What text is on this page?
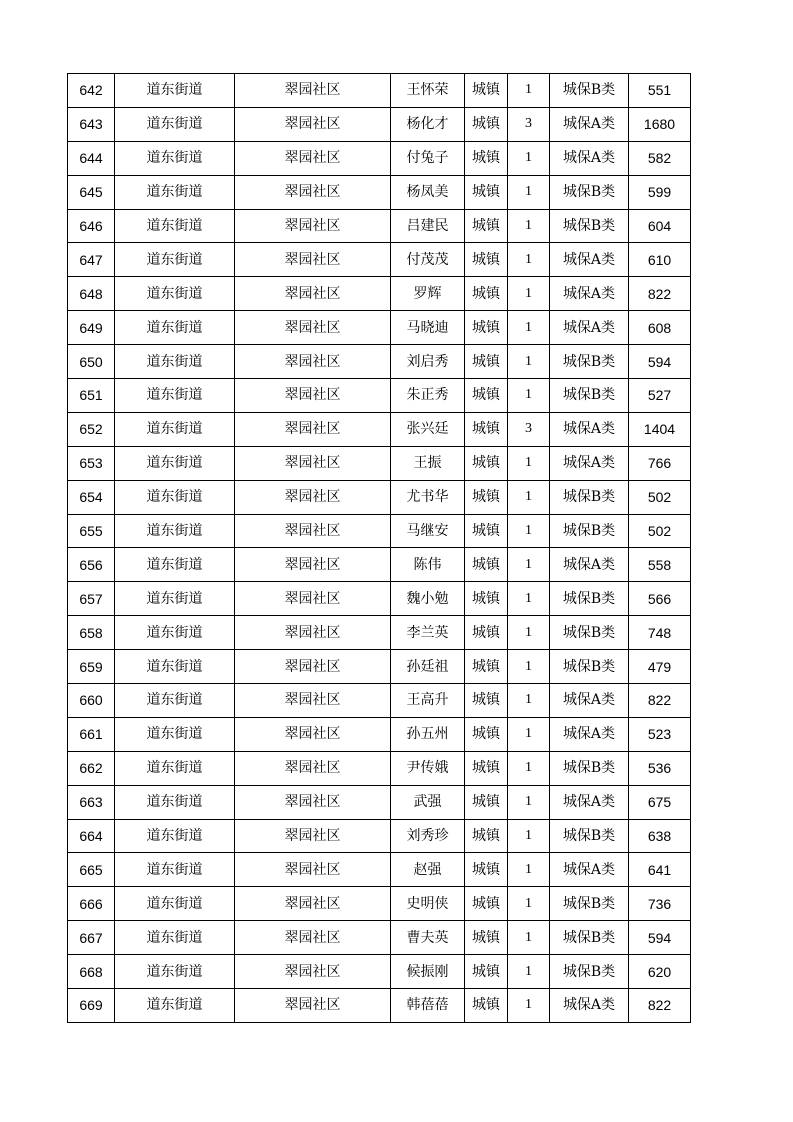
642	道东街道	翠园社区	王怀荣	城镇	1	城保B类	551
643	道东街道	翠园社区	杨化才	城镇	3	城保A类	1680
644	道东街道	翠园社区	付兔子	城镇	1	城保A类	582
645	道东街道	翠园社区	杨凤美	城镇	1	城保B类	599
646	道东街道	翠园社区	吕建民	城镇	1	城保B类	604
647	道东街道	翠园社区	付茂茂	城镇	1	城保A类	610
648	道东街道	翠园社区	罗辉	城镇	1	城保A类	822
649	道东街道	翠园社区	马晓迪	城镇	1	城保A类	608
650	道东街道	翠园社区	刘启秀	城镇	1	城保B类	594
651	道东街道	翠园社区	朱正秀	城镇	1	城保B类	527
652	道东街道	翠园社区	张兴廷	城镇	3	城保A类	1404
653	道东街道	翠园社区	王振	城镇	1	城保A类	766
654	道东街道	翠园社区	尤书华	城镇	1	城保B类	502
655	道东街道	翠园社区	马继安	城镇	1	城保B类	502
656	道东街道	翠园社区	陈伟	城镇	1	城保A类	558
657	道东街道	翠园社区	魏小勉	城镇	1	城保B类	566
658	道东街道	翠园社区	李兰英	城镇	1	城保B类	748
659	道东街道	翠园社区	孙廷祖	城镇	1	城保B类	479
660	道东街道	翠园社区	王高升	城镇	1	城保A类	822
661	道东街道	翠园社区	孙五州	城镇	1	城保A类	523
662	道东街道	翠园社区	尹传娥	城镇	1	城保B类	536
663	道东街道	翠园社区	武强	城镇	1	城保A类	675
664	道东街道	翠园社区	刘秀珍	城镇	1	城保B类	638
665	道东街道	翠园社区	赵强	城镇	1	城保A类	641
666	道东街道	翠园社区	史明侠	城镇	1	城保B类	736
667	道东街道	翠园社区	曹夫英	城镇	1	城保B类	594
668	道东街道	翠园社区	候振刚	城镇	1	城保B类	620
669	道东街道	翠园社区	韩蓓蓓	城镇	1	城保A类	822
